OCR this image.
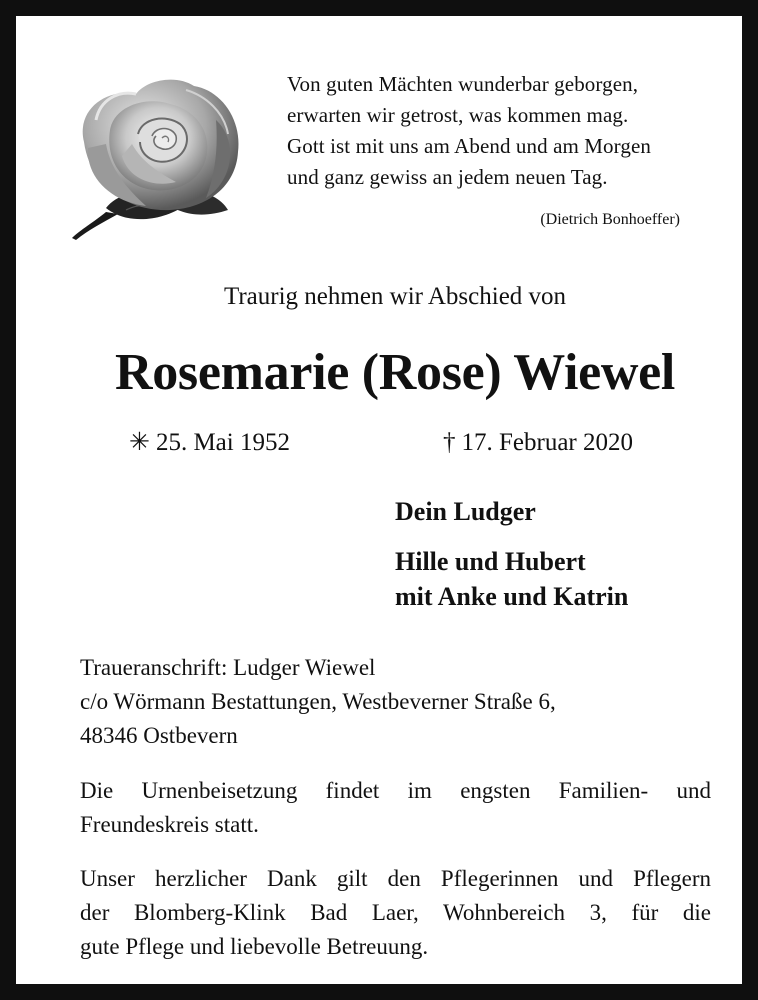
Von guten Mächten wunderbar geborgen,
erwarten wir getrost, was kommen mag.
Gott ist mit uns am Abend und am Morgen
und ganz gewiss an jedem neuen Tag.
(Dietrich Bonhoeffer)
Traurig nehmen wir Abschied von
Rosemarie (Rose) Wiewel
✳ 25. Mai 1952	† 17. Februar 2020
Dein Ludger
Hille und Hubert
mit Anke und Katrin
Traueranschrift: Ludger Wiewel
c/o Wörmann Bestattungen, Westbeverner Straße 6,
48346 Ostbevern
Die Urnenbeisetzung findet im engsten Familien- und
Freundeskreis statt.
Unser herzlicher Dank gilt den Pflegerinnen und Pflegern
der Blomberg-Klink Bad Laer, Wohnbereich 3, für die
gute Pflege und liebevolle Betreuung.
